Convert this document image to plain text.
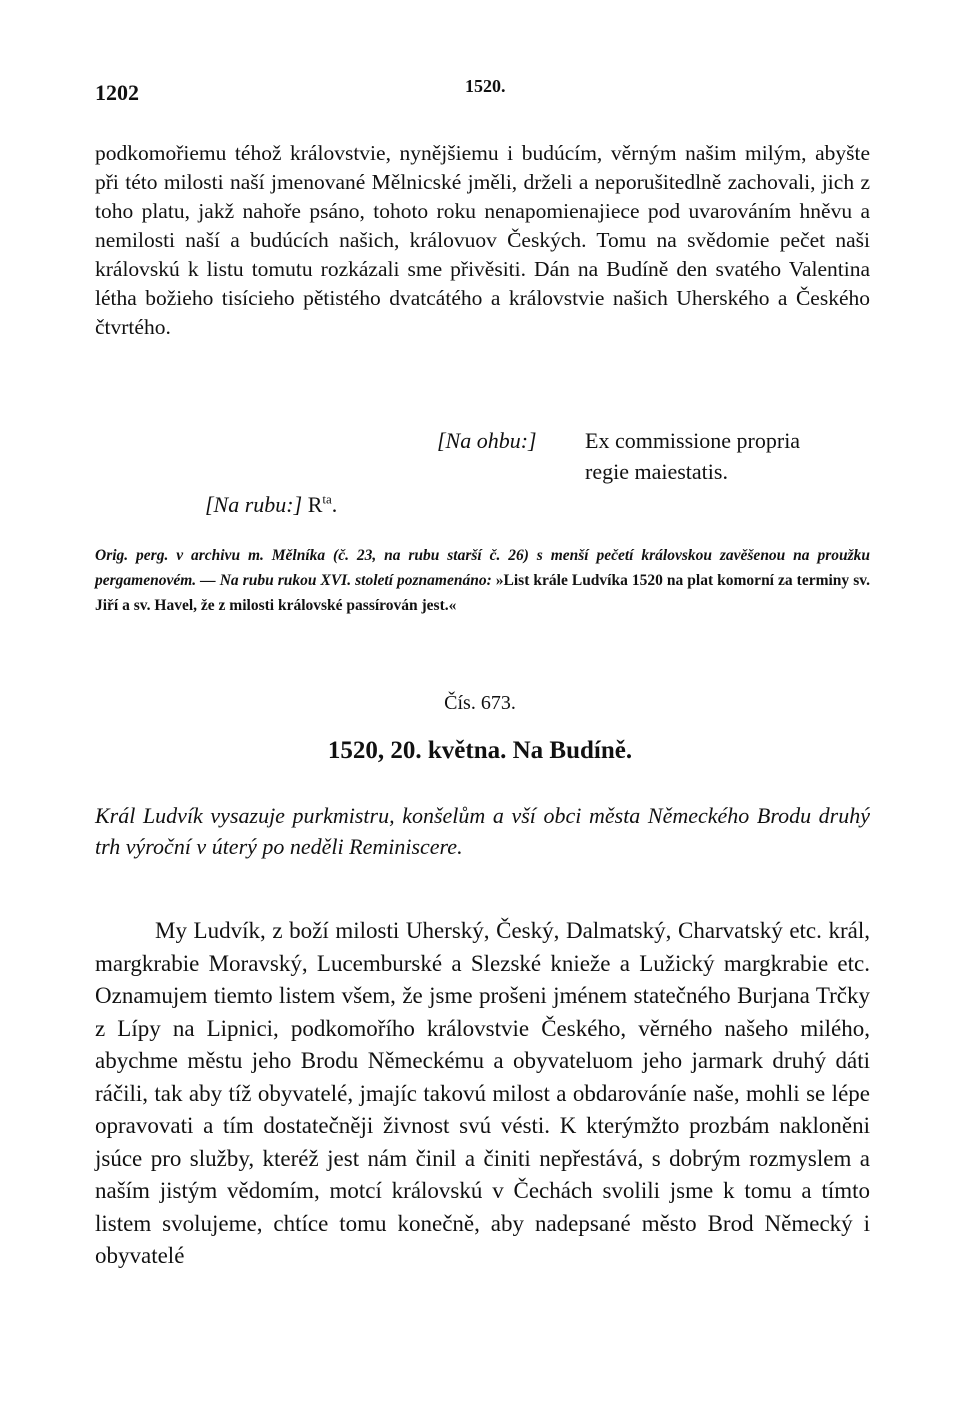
1202	1520.

podkomořiemu téhož královstvie, nynějšiemu i budúcím, věrným našim milým, abyšte při této milosti naší jmenované Mělnicské jměli, drželi a neporušitedlně zachovali, jich z toho platu, jakž nahoře psáno, tohoto roku nenapomienajiece pod uvarováním hněvu a nemilosti naší a budúcích našich, královuov Českých. Tomu na svědomie pečet naši královskú k listu tomutu rozkázali sme přivěsiti. Dán na Budíně den svatého Valentina létha božieho tisícieho pětistého dvatcátého a královstvie našich Uherského a Českého čtvrtého.

[Na ohbu:] Ex commissione propria
regie maiestatis.
[Na rubu:] $R^{ta}$.

Orig. perg. v archivu m. Mělníka (č. 23, na rubu starší č. 26) s menší pečetí královskou zavěšenou na proužku pergamenovém. — Na rubu rukou XVI. století poznamenáno: »List krále Ludvíka 1520 na plat komorní za terminy sv. Jiří a sv. Havel, že z milosti královské passírován jest.«

Čís. 673.
1520, 20. května. Na Budíně.

Král Ludvík vysazuje purkmistru, konšelům a vší obci města Německého Brodu druhý trh výroční v úterý po neděli Reminiscere.

My Ludvík, z boží milosti Uherský, Český, Dalmatský, Charvatský etc. král, margkrabie Moravský, Lucemburské a Slezské knieže a Lužický margkrabie etc. Oznamujem tiemto listem všem, že jsme prošeni jménem statečného Burjana Trčky z Lípy na Lipnici, podkomořího královstvie Českého, věrného našeho milého, abychme městu jeho Brodu Německému a obyvateluom jeho jarmark druhý dáti ráčili, tak aby tíž obyvatelé, jmajíc takovú milost a obdarováníe naše, mohli se lépe opravovati a tím dostatečněji živnost svú vésti. K kterýmžto prozbám nakloněni jsúce pro služby, kteréž jest nám činil a činiti nepřestává, s dobrým rozmyslem a naším jistým vědomím, motcí královskú v Čechách svolili jsme k tomu a tímto listem svolujeme, chtíce tomu konečně, aby nadepsané město Brod Německý i obyvatelé
